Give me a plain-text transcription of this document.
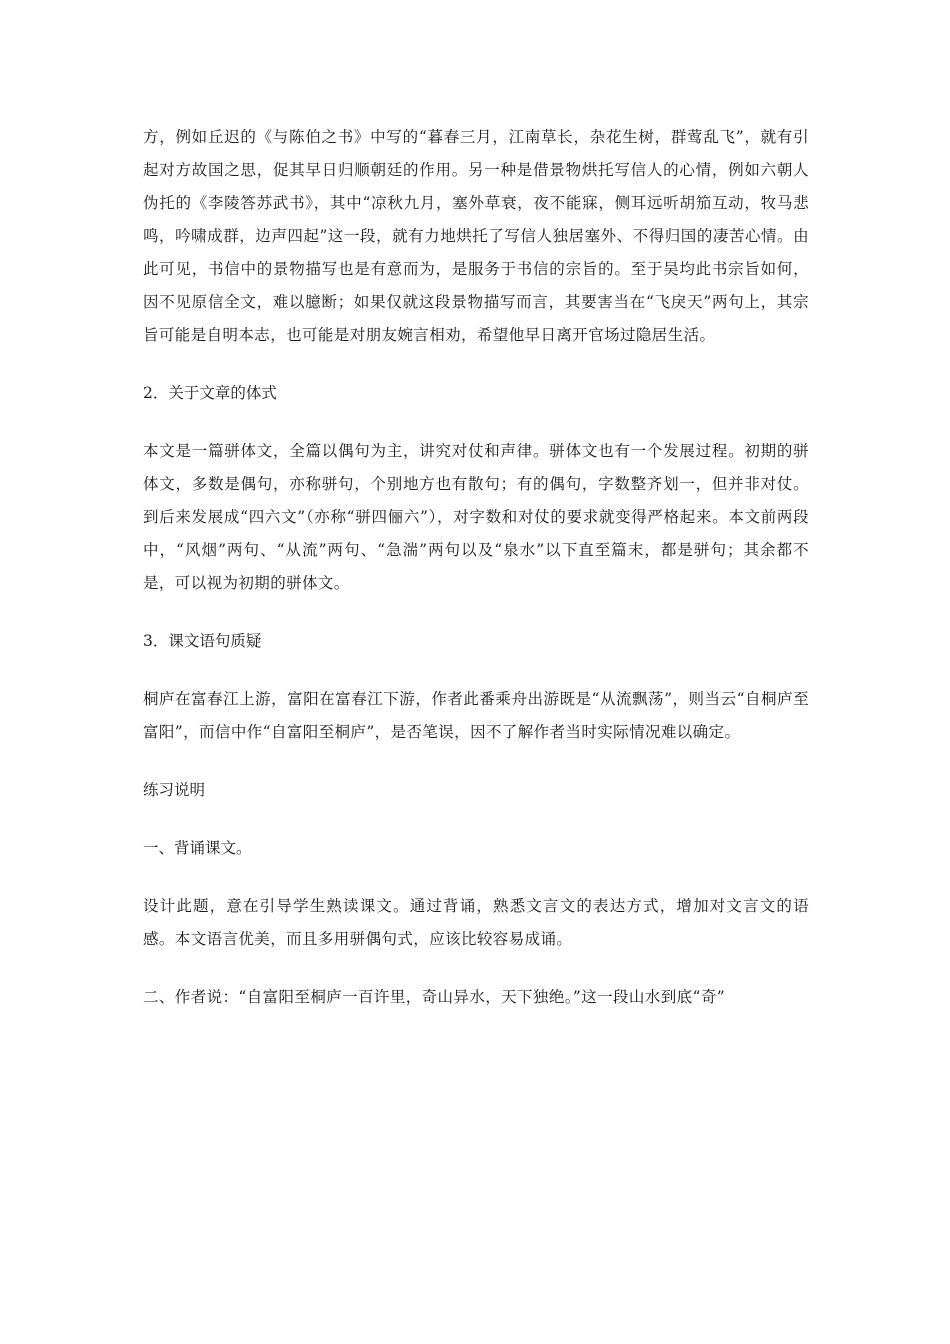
方，例如丘迟的《与陈伯之书》中写的“暮春三月，江南草长，杂花生树，群莺乱飞”，就有引起对方故国之思，促其早日归顺朝廷的作用。另一种是借景物烘托写信人的心情，例如六朝人伪托的《李陵答苏武书》，其中“凉秋九月，塞外草衰，夜不能寐，侧耳远听胡笳互动，牧马悲鸣，吟啸成群，边声四起”这一段，就有力地烘托了写信人独居塞外、不得归国的凄苦心情。由此可见，书信中的景物描写也是有意而为，是服务于书信的宗旨的。至于吴均此书宗旨如何，因不见原信全文，难以臆断；如果仅就这段景物描写而言，其要害当在“飞戾天”两句上，其宗旨可能是自明本志，也可能是对朋友婉言相劝，希望他早日离开官场过隐居生活。

2．关于文章的体式

本文是一篇骈体文，全篇以偶句为主，讲究对仗和声律。骈体文也有一个发展过程。初期的骈体文，多数是偶句，亦称骈句，个别地方也有散句；有的偶句，字数整齐划一，但并非对仗。到后来发展成“四六文”（亦称“骈四俪六”），对字数和对仗的要求就变得严格起来。本文前两段中，“风烟”两句、“从流”两句、“急湍”两句以及“泉水”以下直至篇末，都是骈句；其余都不是，可以视为初期的骈体文。

3．课文语句质疑

桐庐在富春江上游，富阳在富春江下游，作者此番乘舟出游既是“从流飘荡”，则当云“自桐庐至富阳”，而信中作“自富阳至桐庐”，是否笔误，因不了解作者当时实际情况难以确定。

练习说明

一、背诵课文。

设计此题，意在引导学生熟读课文。通过背诵，熟悉文言文的表达方式，增加对文言文的语感。本文语言优美，而且多用骈偶句式，应该比较容易成诵。

二、作者说：“自富阳至桐庐一百许里，奇山异水，天下独绝。”这一段山水到底“奇”
